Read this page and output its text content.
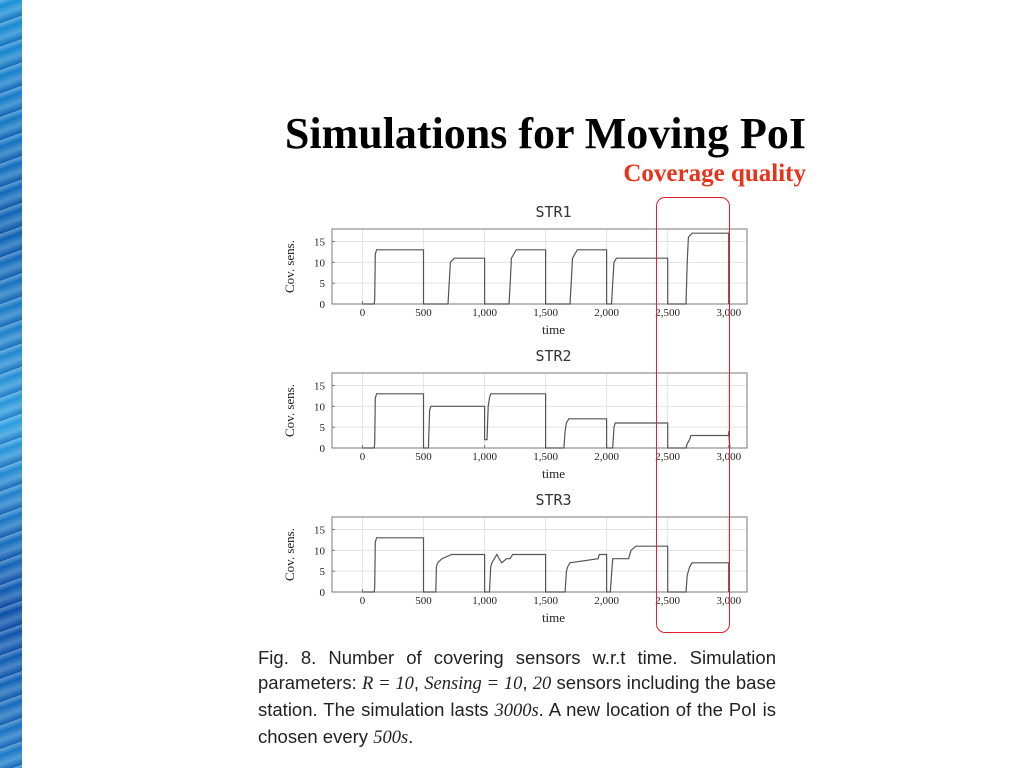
Simulations for Moving PoI
Coverage quality
0	500	1,000	1,500	2,000	2,500	3,000
0
5
10
15
STR1
time
Cov. sens.
0	500	1,000	1,500	2,000	2,500	3,000
0
5
10
15
STR2
time
Cov. sens.
0	500	1,000	1,500	2,000	2,500	3,000
0
5
10
15
STR3
time
Cov. sens.

Fig. 8. Number of covering sensors w.r.t time. Simulation parameters: R = 10, Sensing = 10, 20 sensors including the base station. The simulation lasts 3000s. A new location of the PoI is chosen every 500s.
